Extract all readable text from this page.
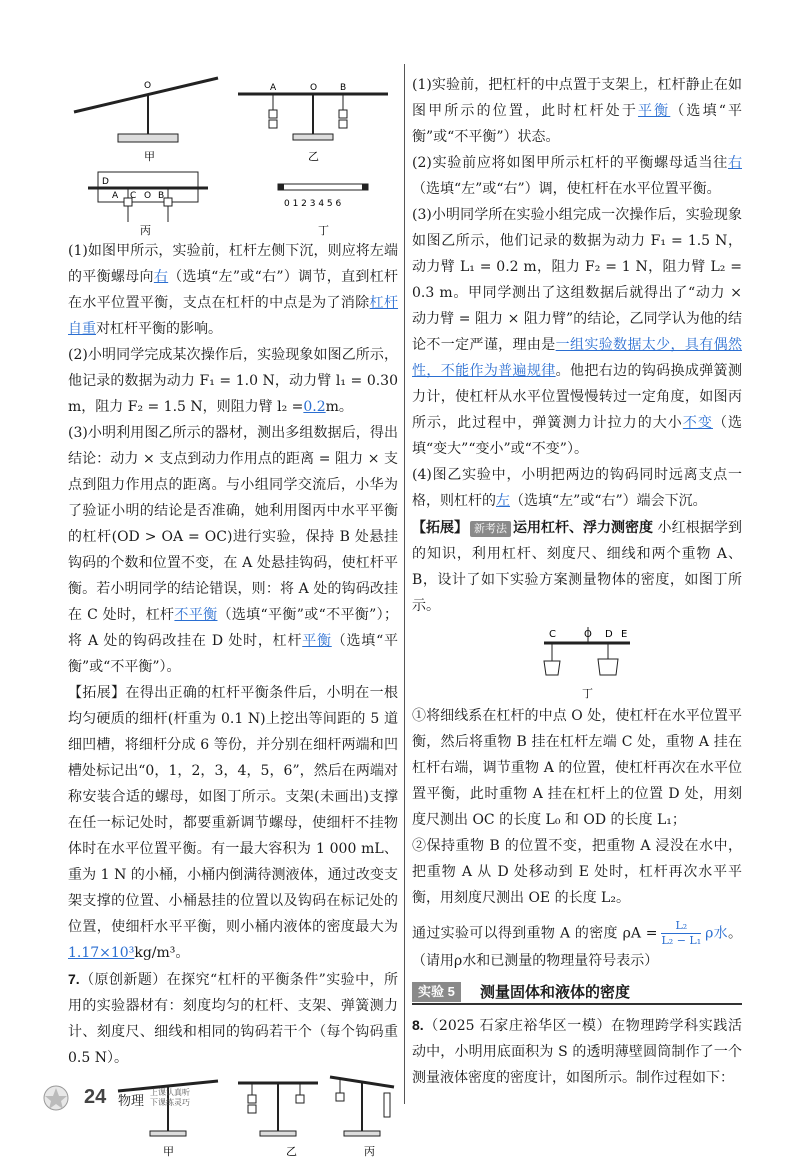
O
甲
A	O	B
乙
D
A C O B
丙
0 1 2 3 4 5 6
丁

(1)如图甲所示，实验前，杠杆左侧下沉，则应将左端的平衡螺母向右（选填“左”或“右”）调节，直到杠杆在水平位置平衡，支点在杠杆的中点是为了消除杠杆自重对杠杆平衡的影响。

(2)小明同学完成某次操作后，实验现象如图乙所示，他记录的数据为动力 F₁ = 1.0 N，动力臂 l₁ = 0.30 m，阻力 F₂ = 1.5 N，则阻力臂 l₂ =0.2m。

(3)小明利用图乙所示的器材，测出多组数据后，得出结论：动力 × 支点到动力作用点的距离 = 阻力 × 支点到阻力作用点的距离。与小组同学交流后，小华为了验证小明的结论是否准确，她利用图丙中水平平衡的杠杆(OD > OA = OC)进行实验，保持 B 处悬挂钩码的个数和位置不变，在 A 处悬挂钩码，使杠杆平衡。若小明同学的结论错误，则：将 A 处的钩码改挂在 C 处时，杠杆不平衡（选填“平衡”或“不平衡”）；将 A 处的钩码改挂在 D 处时，杠杆平衡（选填“平衡”或“不平衡”）。

【拓展】在得出正确的杠杆平衡条件后，小明在一根均匀硬质的细杆(杆重为 0.1 N)上挖出等间距的 5 道细凹槽，将细杆分成 6 等份，并分别在细杆两端和凹槽处标记出“0，1，2，3，4，5，6”，然后在两端对称安装合适的螺母，如图丁所示。支架(未画出)支撑在任一标记处时，都要重新调节螺母，使细杆不挂物体时在水平位置平衡。有一最大容积为 1 000 mL、重为 1 N 的小桶，小桶内倒满待测液体，通过改变支架支撑的位置、小桶悬挂的位置以及钩码在标记处的位置，使细杆水平平衡，则小桶内液体的密度最大为1.17×10³kg/m³。

7.（原创新题）在探究“杠杆的平衡条件”实验中，所用的实验器材有：刻度均匀的杠杆、支架、弹簧测力计、刻度尺、细线和相同的钩码若干个（每个钩码重 0.5 N）。

甲	乙	丙

(1)实验前，把杠杆的中点置于支架上，杠杆静止在如图甲所示的位置，此时杠杆处于平衡（选填“平衡”或“不平衡”）状态。

(2)实验前应将如图甲所示杠杆的平衡螺母适当往右（选填“左”或“右”）调，使杠杆在水平位置平衡。

(3)小明同学所在实验小组完成一次操作后，实验现象如图乙所示，他们记录的数据为动力 F₁ = 1.5 N，动力臂 L₁ = 0.2 m，阻力 F₂ = 1 N，阻力臂 L₂ = 0.3 m。甲同学测出了这组数据后就得出了“动力 × 动力臂 = 阻力 × 阻力臂”的结论，乙同学认为他的结论不一定严谨，理由是一组实验数据太少，具有偶然性，不能作为普遍规律。他把右边的钩码换成弹簧测力计，使杠杆从水平位置慢慢转过一定角度，如图丙所示，此过程中，弹簧测力计拉力的大小不变（选填“变大”“变小”或“不变”）。

(4)图乙实验中，小明把两边的钩码同时远离支点一格，则杠杆的左（选填“左”或“右”）端会下沉。

【拓展】 新考法 运用杠杆、浮力测密度 小红根据学到的知识，利用杠杆、刻度尺、细线和两个重物 A、B，设计了如下实验方案测量物体的密度，如图丁所示。

C	O D E
丁

①将细线系在杠杆的中点 O 处，使杠杆在水平位置平衡，然后将重物 B 挂在杠杆左端 C 处，重物 A 挂在杠杆右端，调节重物 A 的位置，使杠杆再次在水平位置平衡，此时重物 A 挂在杠杆上的位置 D 处，用刻度尺测出 OC 的长度 L₀ 和 OD 的长度 L₁；

②保持重物 B 的位置不变，把重物 A 浸没在水中，把重物 A 从 D 处移动到 E 处时，杠杆再次水平平衡，用刻度尺测出 OE 的长度 L₂。

通过实验可以得到重物 A 的密度 $\rho A = \frac{\text{L₂}}{\text{L₂ − L₁}}$ ρ水。（请用ρ水和已测量的物理量符号表示）

实验 5	测量固体和液体的密度

8.（2025 石家庄裕华区一模）在物理跨学科实践活动中，小明用底面积为 S 的透明薄壁圆筒制作了一个测量液体密度的密度计，如图所示。制作过程如下：

24 物理
上课认真听
下课练灵巧
